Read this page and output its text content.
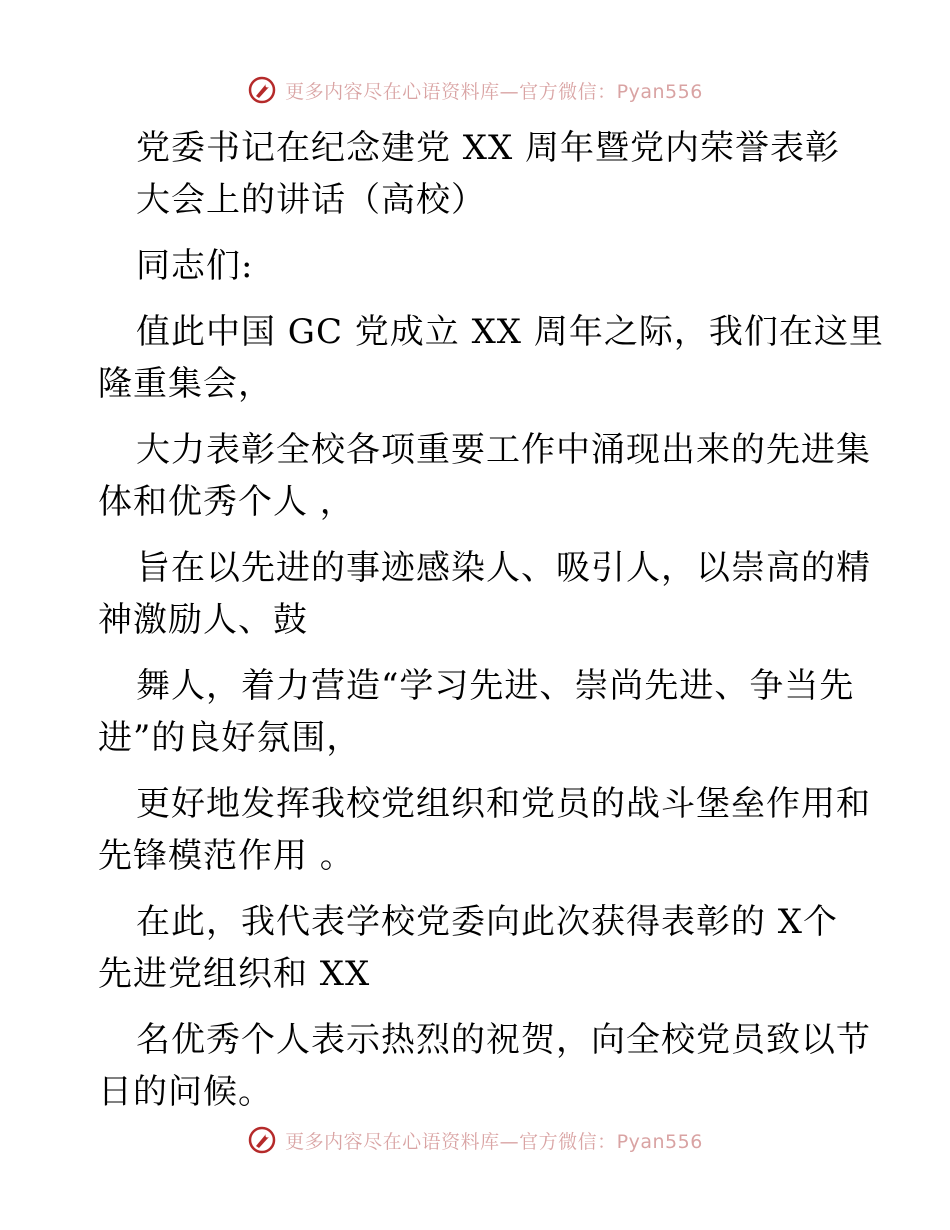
更多内容尽在心语资料库—官方微信：Pyan556
党委书记在纪念建党 XX 周年暨党内荣誉表彰
大会上的讲话（高校）
同志们:
值此中国 GC 党成立 XX 周年之际，我们在这里
隆重集会，
大力表彰全校各项重要工作中涌现出来的先进集
体和优秀个人 ，
旨在以先进的事迹感染人、吸引人，以崇高的精
神激励人、鼓
舞人，着力营造“学习先进、崇尚先进、争当先
进”的良好氛围，
更好地发挥我校党组织和党员的战斗堡垒作用和
先锋模范作用 。
在此，我代表学校党委向此次获得表彰的 X个
先进党组织和 XX
名优秀个人表示热烈的祝贺，向全校党员致以节
日的问候。
更多内容尽在心语资料库—官方微信：Pyan556
